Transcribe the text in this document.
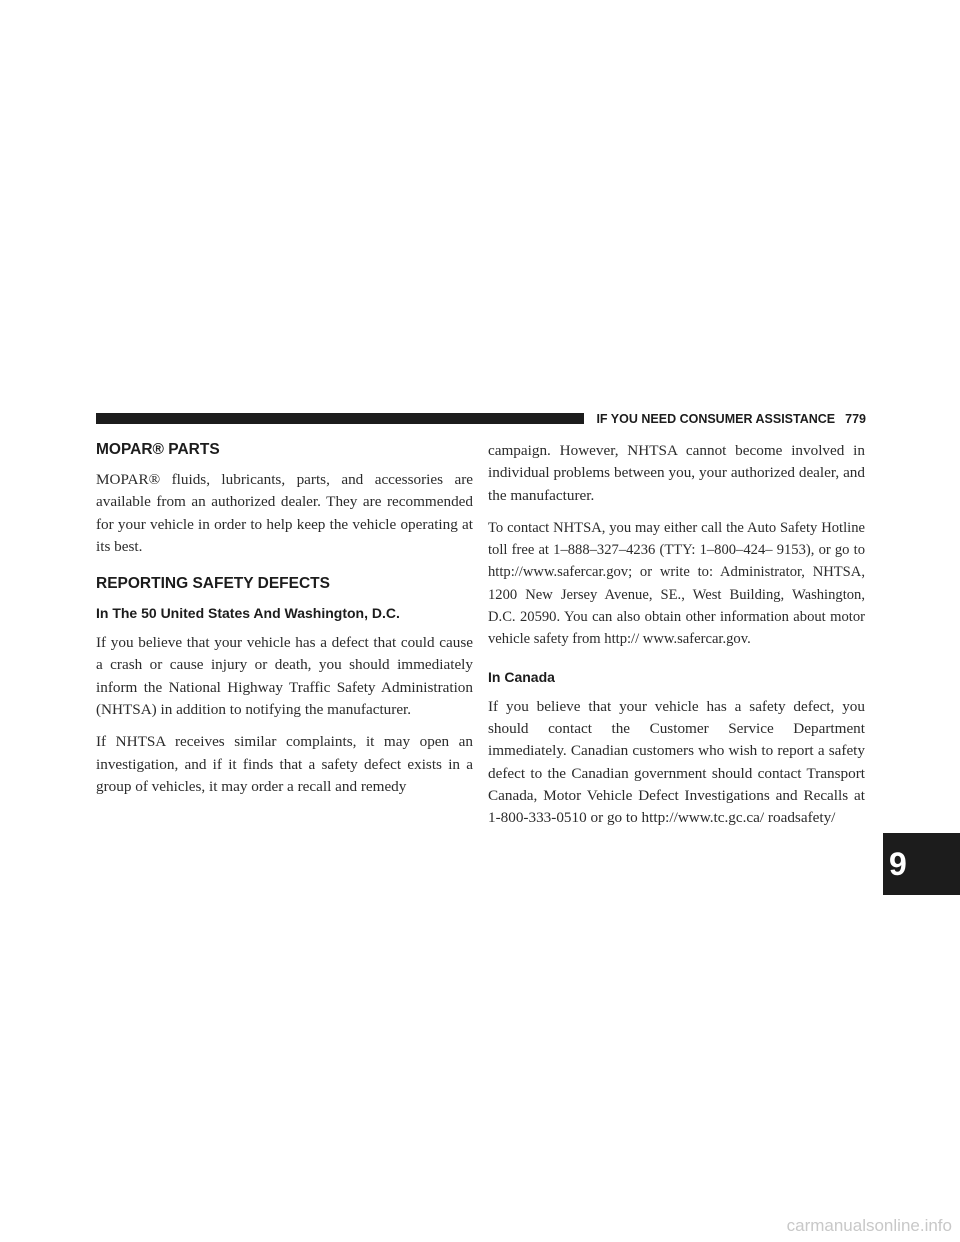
IF YOU NEED CONSUMER ASSISTANCE 779
MOPAR® PARTS

MOPAR® fluids, lubricants, parts, and accessories are available from an authorized dealer. They are recommended for your vehicle in order to help keep the vehicle operating at its best.

REPORTING SAFETY DEFECTS
In The 50 United States And Washington, D.C.

If you believe that your vehicle has a defect that could cause a crash or cause injury or death, you should immediately inform the National Highway Traffic Safety Administration (NHTSA) in addition to notifying the manufacturer.

If NHTSA receives similar complaints, it may open an investigation, and if it finds that a safety defect exists in a group of vehicles, it may order a recall and remedy

campaign. However, NHTSA cannot become involved in individual problems between you, your authorized dealer, and the manufacturer.

To contact NHTSA, you may either call the Auto Safety Hotline toll free at 1–888–327–4236 (TTY: 1–800–424– 9153), or go to http://www.safercar.gov; or write to: Administrator, NHTSA, 1200 New Jersey Avenue, SE., West Building, Washington, D.C. 20590. You can also obtain other information about motor vehicle safety from http:// www.safercar.gov.

In Canada

If you believe that your vehicle has a safety defect, you should contact the Customer Service Department immediately. Canadian customers who wish to report a safety defect to the Canadian government should contact Transport Canada, Motor Vehicle Defect Investigations and Recalls at 1-800-333-0510 or go to http://www.tc.gc.ca/ roadsafety/

9
carmanualsonline.info
